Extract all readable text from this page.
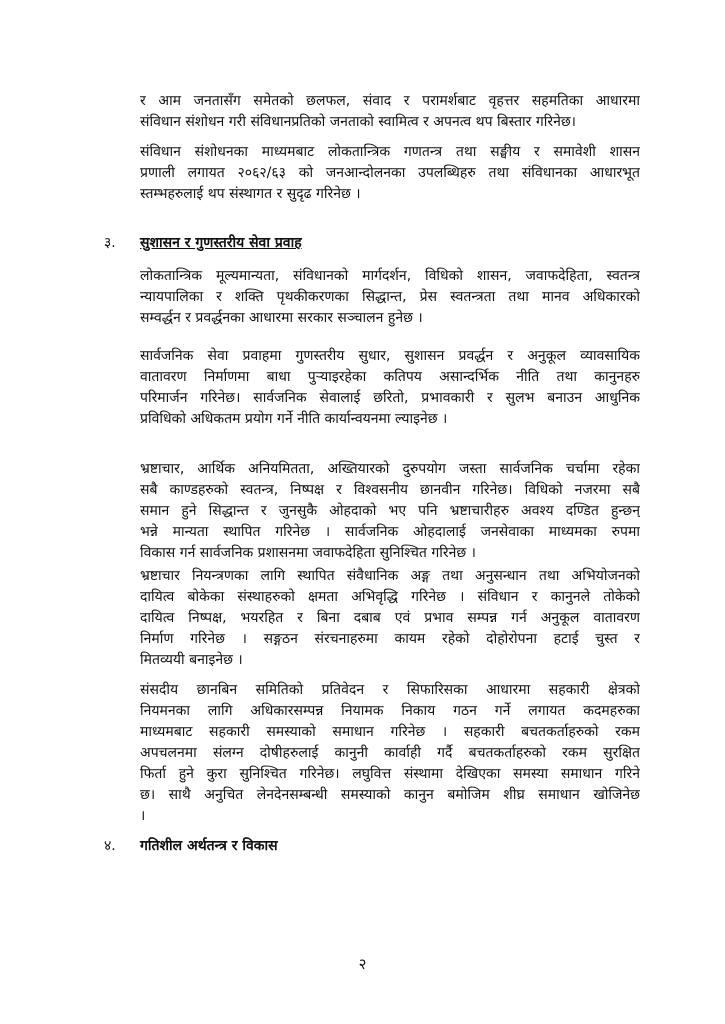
र आम जनतासँग समेतको छलफल, संवाद र परामर्शबाट वृहत्तर सहमतिका आधारमा
संविधान संशोधन गरी संविधानप्रतिको जनताको स्वामित्व र अपनत्व थप बिस्तार गरिनेछ।
संविधान संशोधनका माध्यमबाट लोकतान्त्रिक गणतन्त्र तथा सङ्घीय र समावेशी शासन
प्रणाली लगायत २०६२/६३ को जनआन्दोलनका उपलब्धिहरु तथा संविधानका आधारभूत
स्तम्भहरुलाई थप संस्थागत र सुदृढ गरिनेछ ।
३. सुशासन र गुणस्तरीय सेवा प्रवाह
लोकतान्त्रिक मूल्यमान्यता, संविधानको मार्गदर्शन, विधिको शासन, जवाफदेहिता, स्वतन्त्र
न्यायपालिका र शक्ति पृथकीकरणका सिद्धान्त, प्रेस स्वतन्त्रता तथा मानव अधिकारको
सम्वर्द्धन र प्रवर्द्धनका आधारमा सरकार सञ्चालन हुनेछ ।
सार्वजनिक सेवा प्रवाहमा गुणस्तरीय सुधार, सुशासन प्रवर्द्धन र अनुकूल व्यावसायिक
वातावरण निर्माणमा बाधा पुऱ्याइरहेका कतिपय असान्दर्भिक नीति तथा कानुनहरु
परिमार्जन गरिनेछ। सार्वजनिक सेवालाई छरितो, प्रभावकारी र सुलभ बनाउन आधुनिक
प्रविधिको अधिकतम प्रयोग गर्ने नीति कार्यान्वयनमा ल्याइनेछ ।
भ्रष्टाचार, आर्थिक अनियमितता, अख्तियारको दुरुपयोग जस्ता सार्वजनिक चर्चामा रहेका
सबै काण्डहरुको स्वतन्त्र, निष्पक्ष र विश्वसनीय छानवीन गरिनेछ। विधिको नजरमा सबै
समान हुने सिद्धान्त र जुनसुकै ओहदाको भए पनि भ्रष्टाचारीहरु अवश्य दण्डित हुन्छन्
भन्ने मान्यता स्थापित गरिनेछ । सार्वजनिक ओहदालाई जनसेवाका माध्यमका रुपमा
विकास गर्न सार्वजनिक प्रशासनमा जवाफदेहिता सुनिश्चित गरिनेछ ।
भ्रष्टाचार नियन्त्रणका लागि स्थापित संवैधानिक अङ्ग तथा अनुसन्धान तथा अभियोजनको
दायित्व बोकेका संस्थाहरुको क्षमता अभिवृद्धि गरिनेछ । संविधान र कानुनले तोकेको
दायित्व निष्पक्ष, भयरहित र बिना दबाब एवं प्रभाव सम्पन्न गर्न अनुकूल वातावरण
निर्माण गरिनेछ । सङ्गठन संरचनाहरुमा कायम रहेको दोहोरोपना हटाई चुस्त र
मितव्ययी बनाइनेछ ।
संसदीय छानबिन समितिको प्रतिवेदन र सिफारिसका आधारमा सहकारी क्षेत्रको
नियमनका लागि अधिकारसम्पन्न नियामक निकाय गठन गर्ने लगायत कदमहरुका
माध्यमबाट सहकारी समस्याको समाधान गरिनेछ । सहकारी बचतकर्ताहरुको रकम
अपचलनमा संलग्न दोषीहरुलाई कानुनी कार्वाही गर्दै बचतकर्ताहरुको रकम सुरक्षित
फिर्ता हुने कुरा सुनिश्चित गरिनेछ। लघुवित्त संस्थामा देखिएका समस्या समाधान गरिने
छ। साथै अनुचित लेनदेनसम्बन्धी समस्याको कानुन बमोजिम शीघ्र समाधान खोजिनेछ
।
४. गतिशील अर्थतन्त्र र विकास
२
